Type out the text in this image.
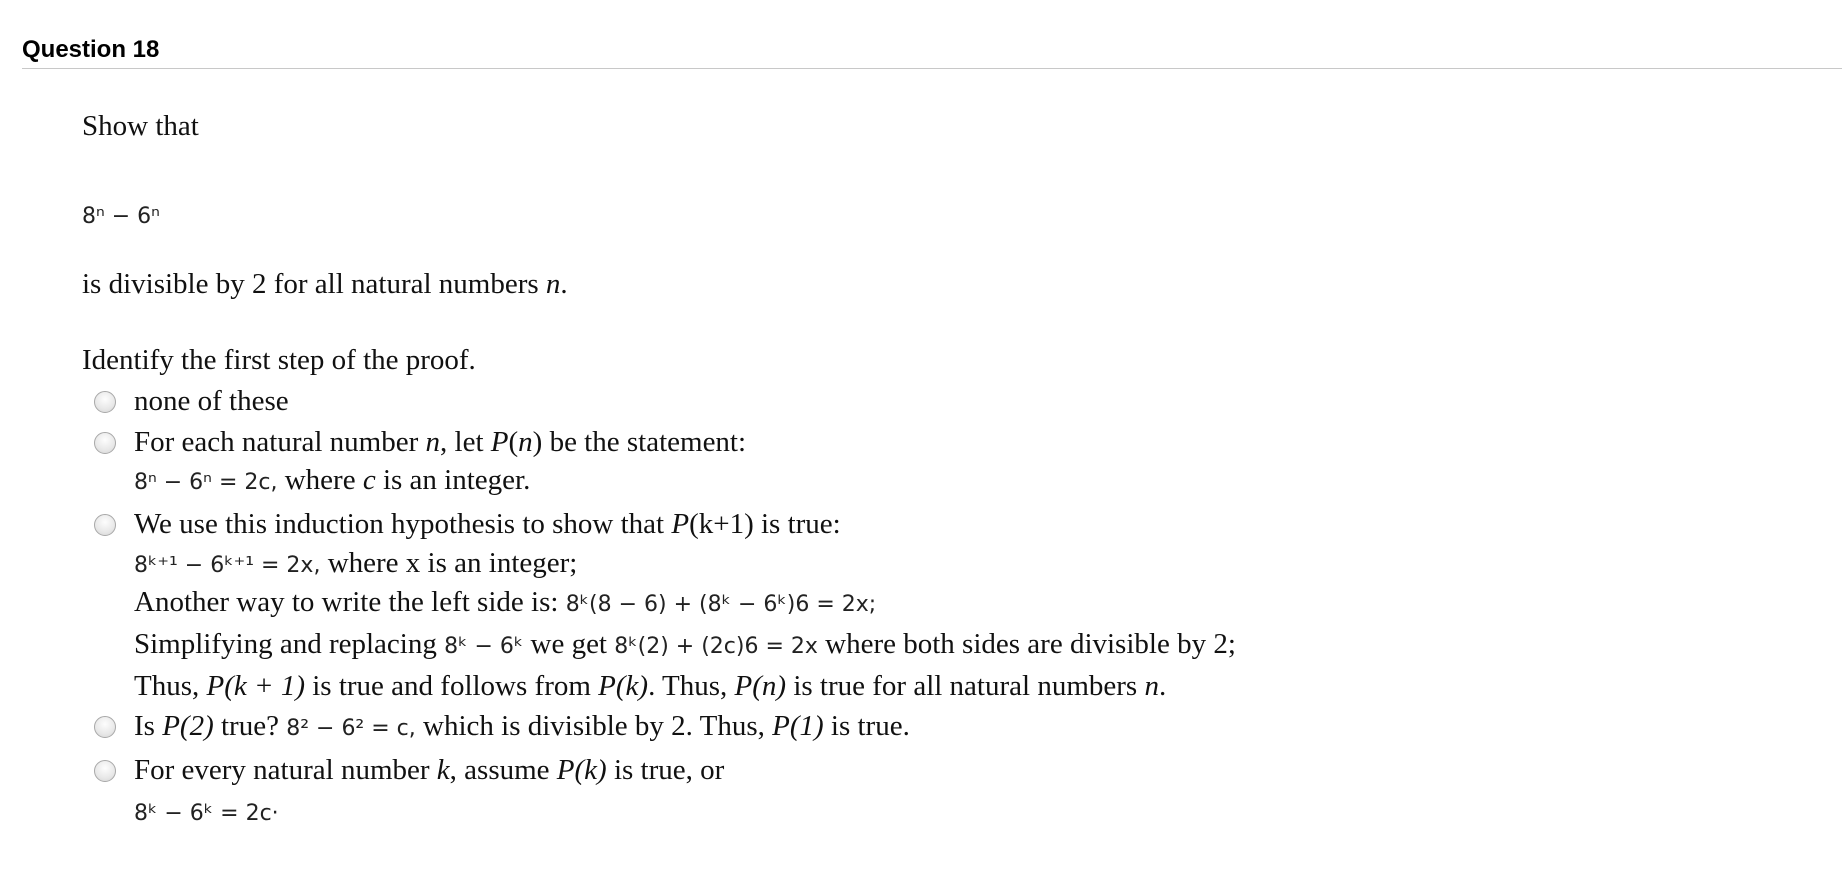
Question 18
Show that
8ⁿ − 6ⁿ
is divisible by 2 for all natural numbers n.
Identify the first step of the proof.
none of these
For each natural number n, let P(n) be the statement:
8ⁿ − 6ⁿ = 2c, where c is an integer.
We use this induction hypothesis to show that P(k+1) is true:
8ᵏ⁺¹ − 6ᵏ⁺¹ = 2x, where x is an integer;
Another way to write the left side is: 8ᵏ(8 − 6) + (8ᵏ − 6ᵏ)6 = 2x;
Simplifying and replacing 8ᵏ − 6ᵏ we get 8ᵏ(2) + (2c)6 = 2x where both sides are divisible by 2;
Thus, P(k + 1) is true and follows from P(k). Thus, P(n) is true for all natural numbers n.
Is P(2) true? 8² − 6² = c, which is divisible by 2. Thus, P(1) is true.
For every natural number k, assume P(k) is true, or
8ᵏ − 6ᵏ = 2c·
